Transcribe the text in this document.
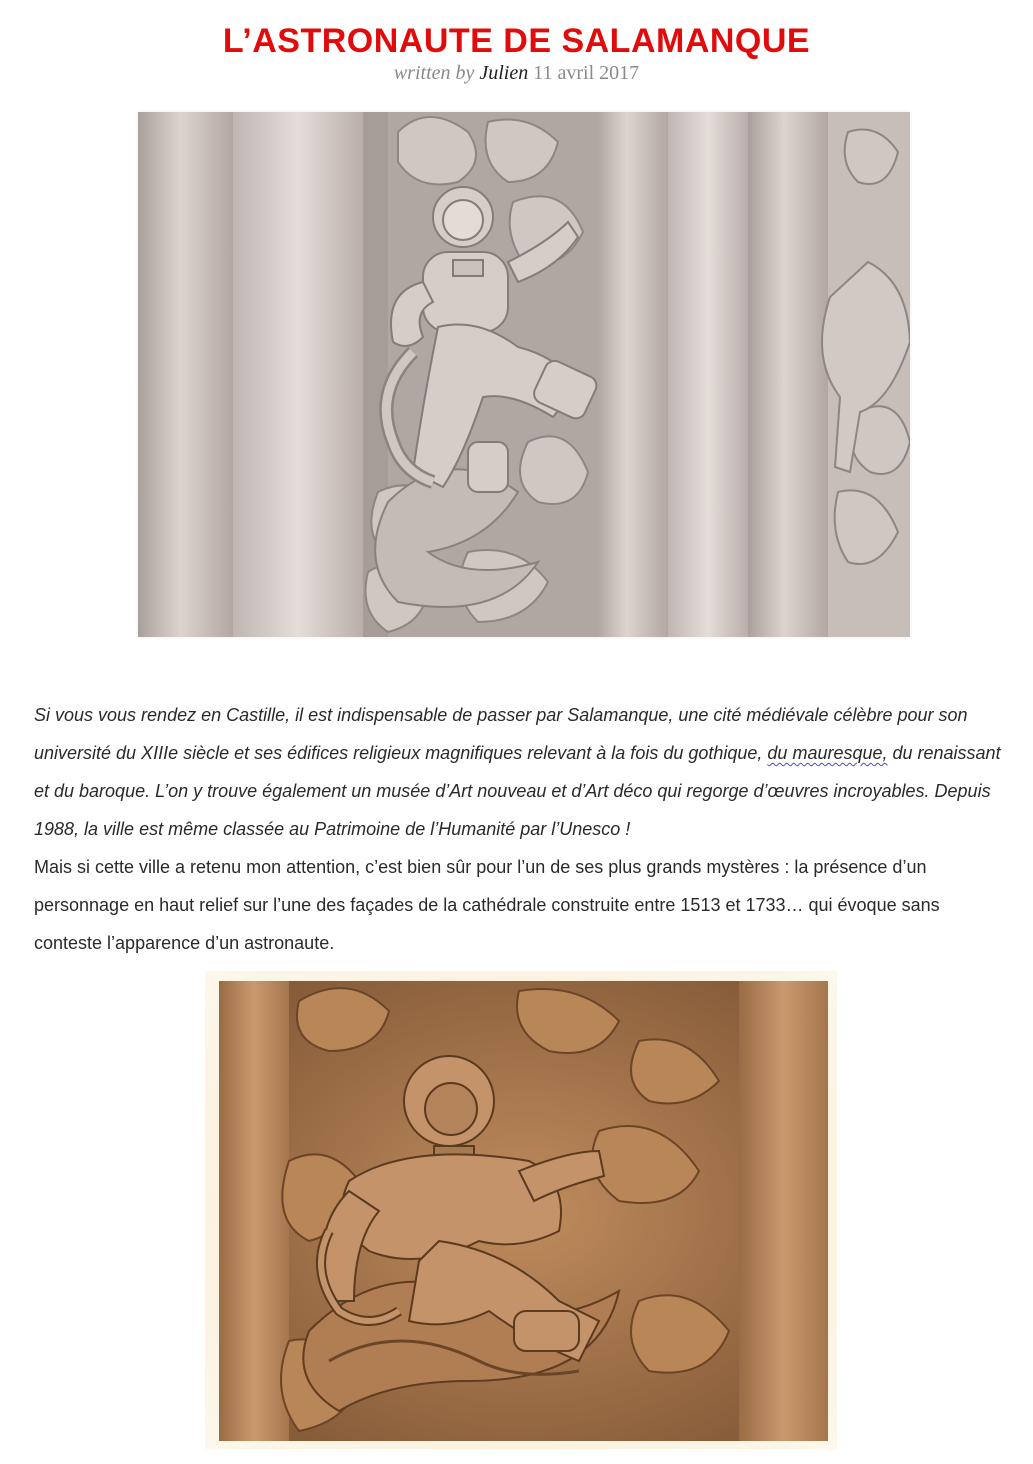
L’ASTRONAUTE DE SALAMANQUE
written by Julien 11 avril 2017

Si vous vous rendez en Castille, il est indispensable de passer par Salamanque, une cité médiévale célèbre pour son université du XIIIe siècle et ses édifices religieux magnifiques relevant à la fois du gothique, du mauresque, du renaissant et du baroque. L’on y trouve également un musée d’Art nouveau et d’Art déco qui regorge d’œuvres incroyables. Depuis 1988, la ville est même classée au Patrimoine de l’Humanité par l’Unesco !

Mais si cette ville a retenu mon attention, c’est bien sûr pour l’un de ses plus grands mystères : la présence d’un personnage en haut relief sur l’une des façades de la cathédrale construite entre 1513 et 1733… qui évoque sans conteste l’apparence d’un astronaute.
